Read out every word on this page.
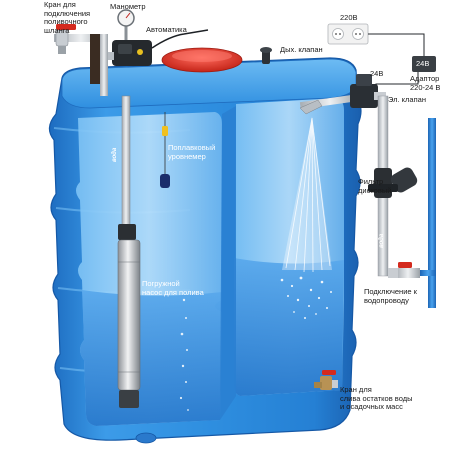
Кран для
подключения
поливочного
шланга
Манометр
Автоматика
220В
Дых. клапан
24В
Адаптор
220-24 В
24В
Эл. клапан
Поплавковый
уровнемер
Фильтр
дисковый
Погружной
насос для полива	Подключение к
водопроводу
Кран для
слива остатков воды
и осадочных масс
вода
вода
вода
